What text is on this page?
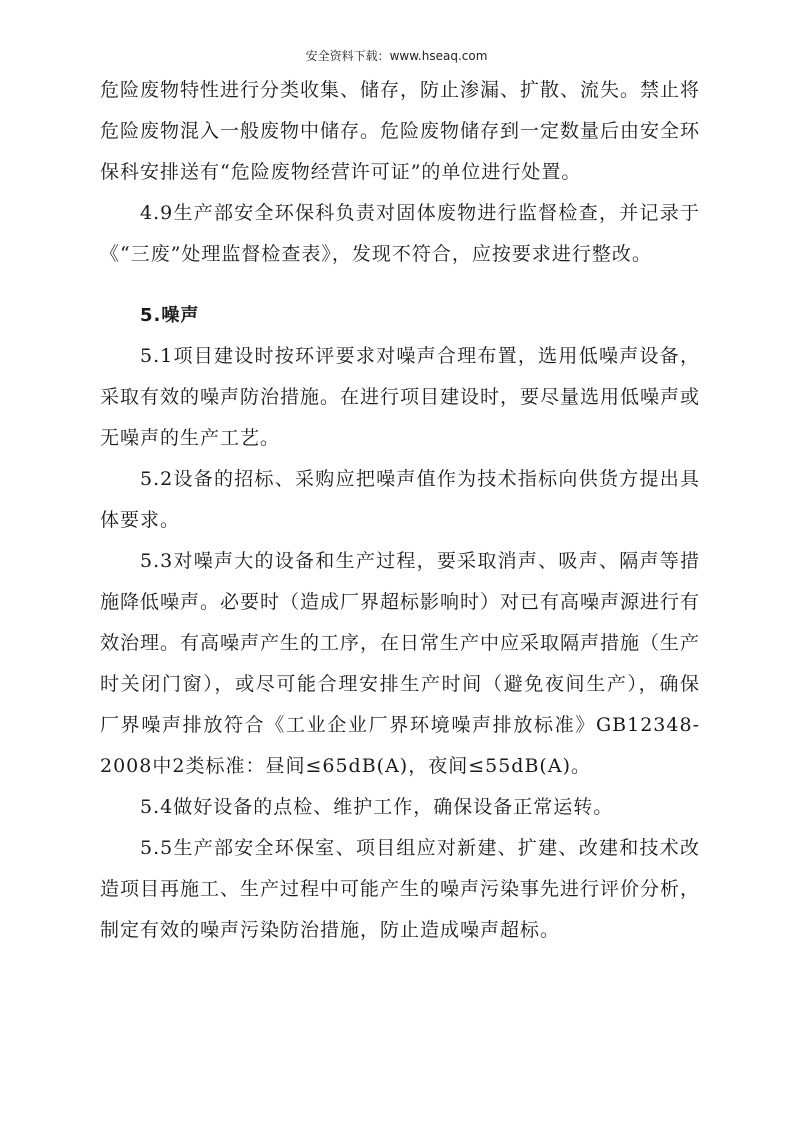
安全资料下载：www.hseaq.com

危险废物特性进行分类收集、储存，防止渗漏、扩散、流失。禁止将危险废物混入一般废物中储存。危险废物储存到一定数量后由安全环保科安排送有“危险废物经营许可证”的单位进行处置。

4.9生产部安全环保科负责对固体废物进行监督检查，并记录于《“三废”处理监督检查表》，发现不符合，应按要求进行整改。

5.噪声

5.1项目建设时按环评要求对噪声合理布置，选用低噪声设备，采取有效的噪声防治措施。在进行项目建设时，要尽量选用低噪声或无噪声的生产工艺。

5.2设备的招标、采购应把噪声值作为技术指标向供货方提出具体要求。

5.3对噪声大的设备和生产过程，要采取消声、吸声、隔声等措施降低噪声。必要时（造成厂界超标影响时）对已有高噪声源进行有效治理。有高噪声产生的工序，在日常生产中应采取隔声措施（生产时关闭门窗），或尽可能合理安排生产时间（避免夜间生产），确保厂界噪声排放符合《工业企业厂界环境噪声排放标准》GB12348-2008中2类标准：昼间≤65dB(A)，夜间≤55dB(A)。

5.4做好设备的点检、维护工作，确保设备正常运转。

5.5生产部安全环保室、项目组应对新建、扩建、改建和技术改造项目再施工、生产过程中可能产生的噪声污染事先进行评价分析，制定有效的噪声污染防治措施，防止造成噪声超标。
